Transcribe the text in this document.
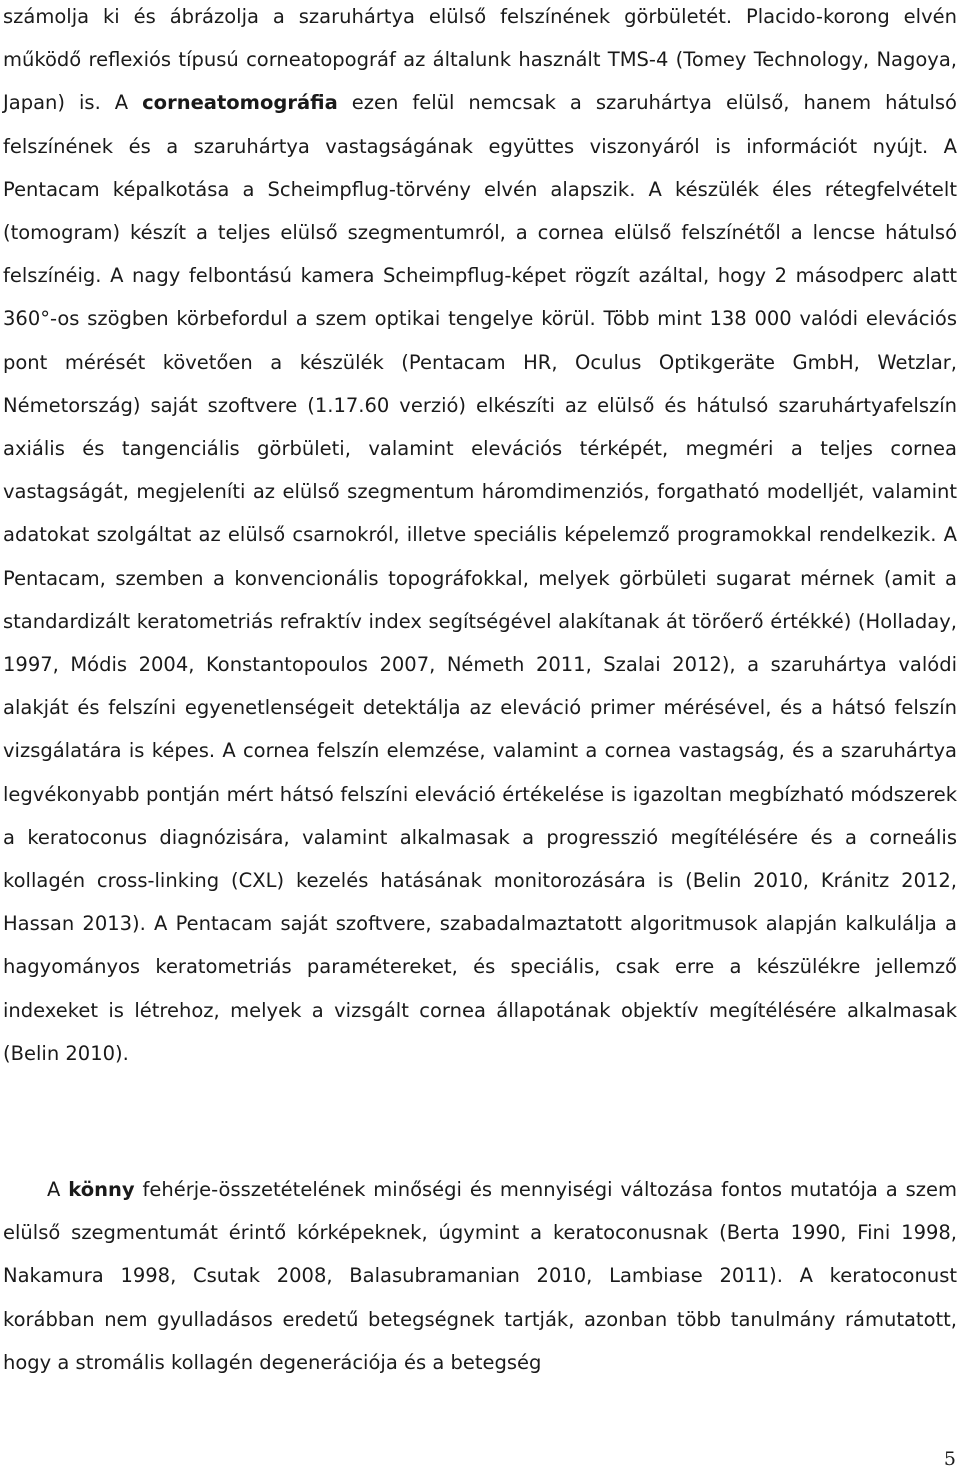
számolja ki és ábrázolja a szaruhártya elülső felszínének görbületét. Placido-korong elvén működő reflexiós típusú corneatopográf az általunk használt TMS-4 (Tomey Technology, Nagoya, Japan) is. A corneatomográfia ezen felül nemcsak a szaruhártya elülső, hanem hátulsó felszínének és a szaruhártya vastagságának együttes viszonyáról is információt nyújt. A Pentacam képalkotása a Scheimpflug-törvény elvén alapszik. A készülék éles rétegfelvételt (tomogram) készít a teljes elülső szegmentumról, a cornea elülső felszínétől a lencse hátulsó felszínéig. A nagy felbontású kamera Scheimpflug-képet rögzít azáltal, hogy 2 másodperc alatt 360°-os szögben körbefordul a szem optikai tengelye körül. Több mint 138 000 valódi elevációs pont mérését követően a készülék (Pentacam HR, Oculus Optikgeräte GmbH, Wetzlar, Németország) saját szoftvere (1.17.60 verzió) elkészíti az elülső és hátulsó szaruhártyafelszín axiális és tangenciális görbületi, valamint elevációs térképét, megméri a teljes cornea vastagságát, megjeleníti az elülső szegmentum háromdimenziós, forgatható modelljét, valamint adatokat szolgáltat az elülső csarnokról, illetve speciális képelemző programokkal rendelkezik. A Pentacam, szemben a konvencionális topográfokkal, melyek görbületi sugarat mérnek (amit a standardizált keratometriás refraktív index segítségével alakítanak át törőerő értékké) (Holladay, 1997, Módis 2004, Konstantopoulos 2007, Németh 2011, Szalai 2012), a szaruhártya valódi alakját és felszíni egyenetlenségeit detektálja az eleváció primer mérésével, és a hátsó felszín vizsgálatára is képes. A cornea felszín elemzése, valamint a cornea vastagság, és a szaruhártya legvékonyabb pontján mért hátsó felszíni eleváció értékelése is igazoltan megbízható módszerek a keratoconus diagnózisára, valamint alkalmasak a progresszió megítélésére és a corneális kollagén cross-linking (CXL) kezelés hatásának monitorozására is (Belin 2010, Kránitz 2012, Hassan 2013). A Pentacam saját szoftvere, szabadalmaztatott algoritmusok alapján kalkulálja a hagyományos keratometriás paramétereket, és speciális, csak erre a készülékre jellemző indexeket is létrehoz, melyek a vizsgált cornea állapotának objektív megítélésére alkalmasak (Belin 2010).

A könny fehérje-összetételének minőségi és mennyiségi változása fontos mutatója a szem elülső szegmentumát érintő kórképeknek, úgymint a keratoconusnak (Berta 1990, Fini 1998, Nakamura 1998, Csutak 2008, Balasubramanian 2010, Lambiase 2011). A keratoconust korábban nem gyulladásos eredetű betegségnek tartják, azonban több tanulmány rámutatott, hogy a stromális kollagén degenerációja és a betegség

5
